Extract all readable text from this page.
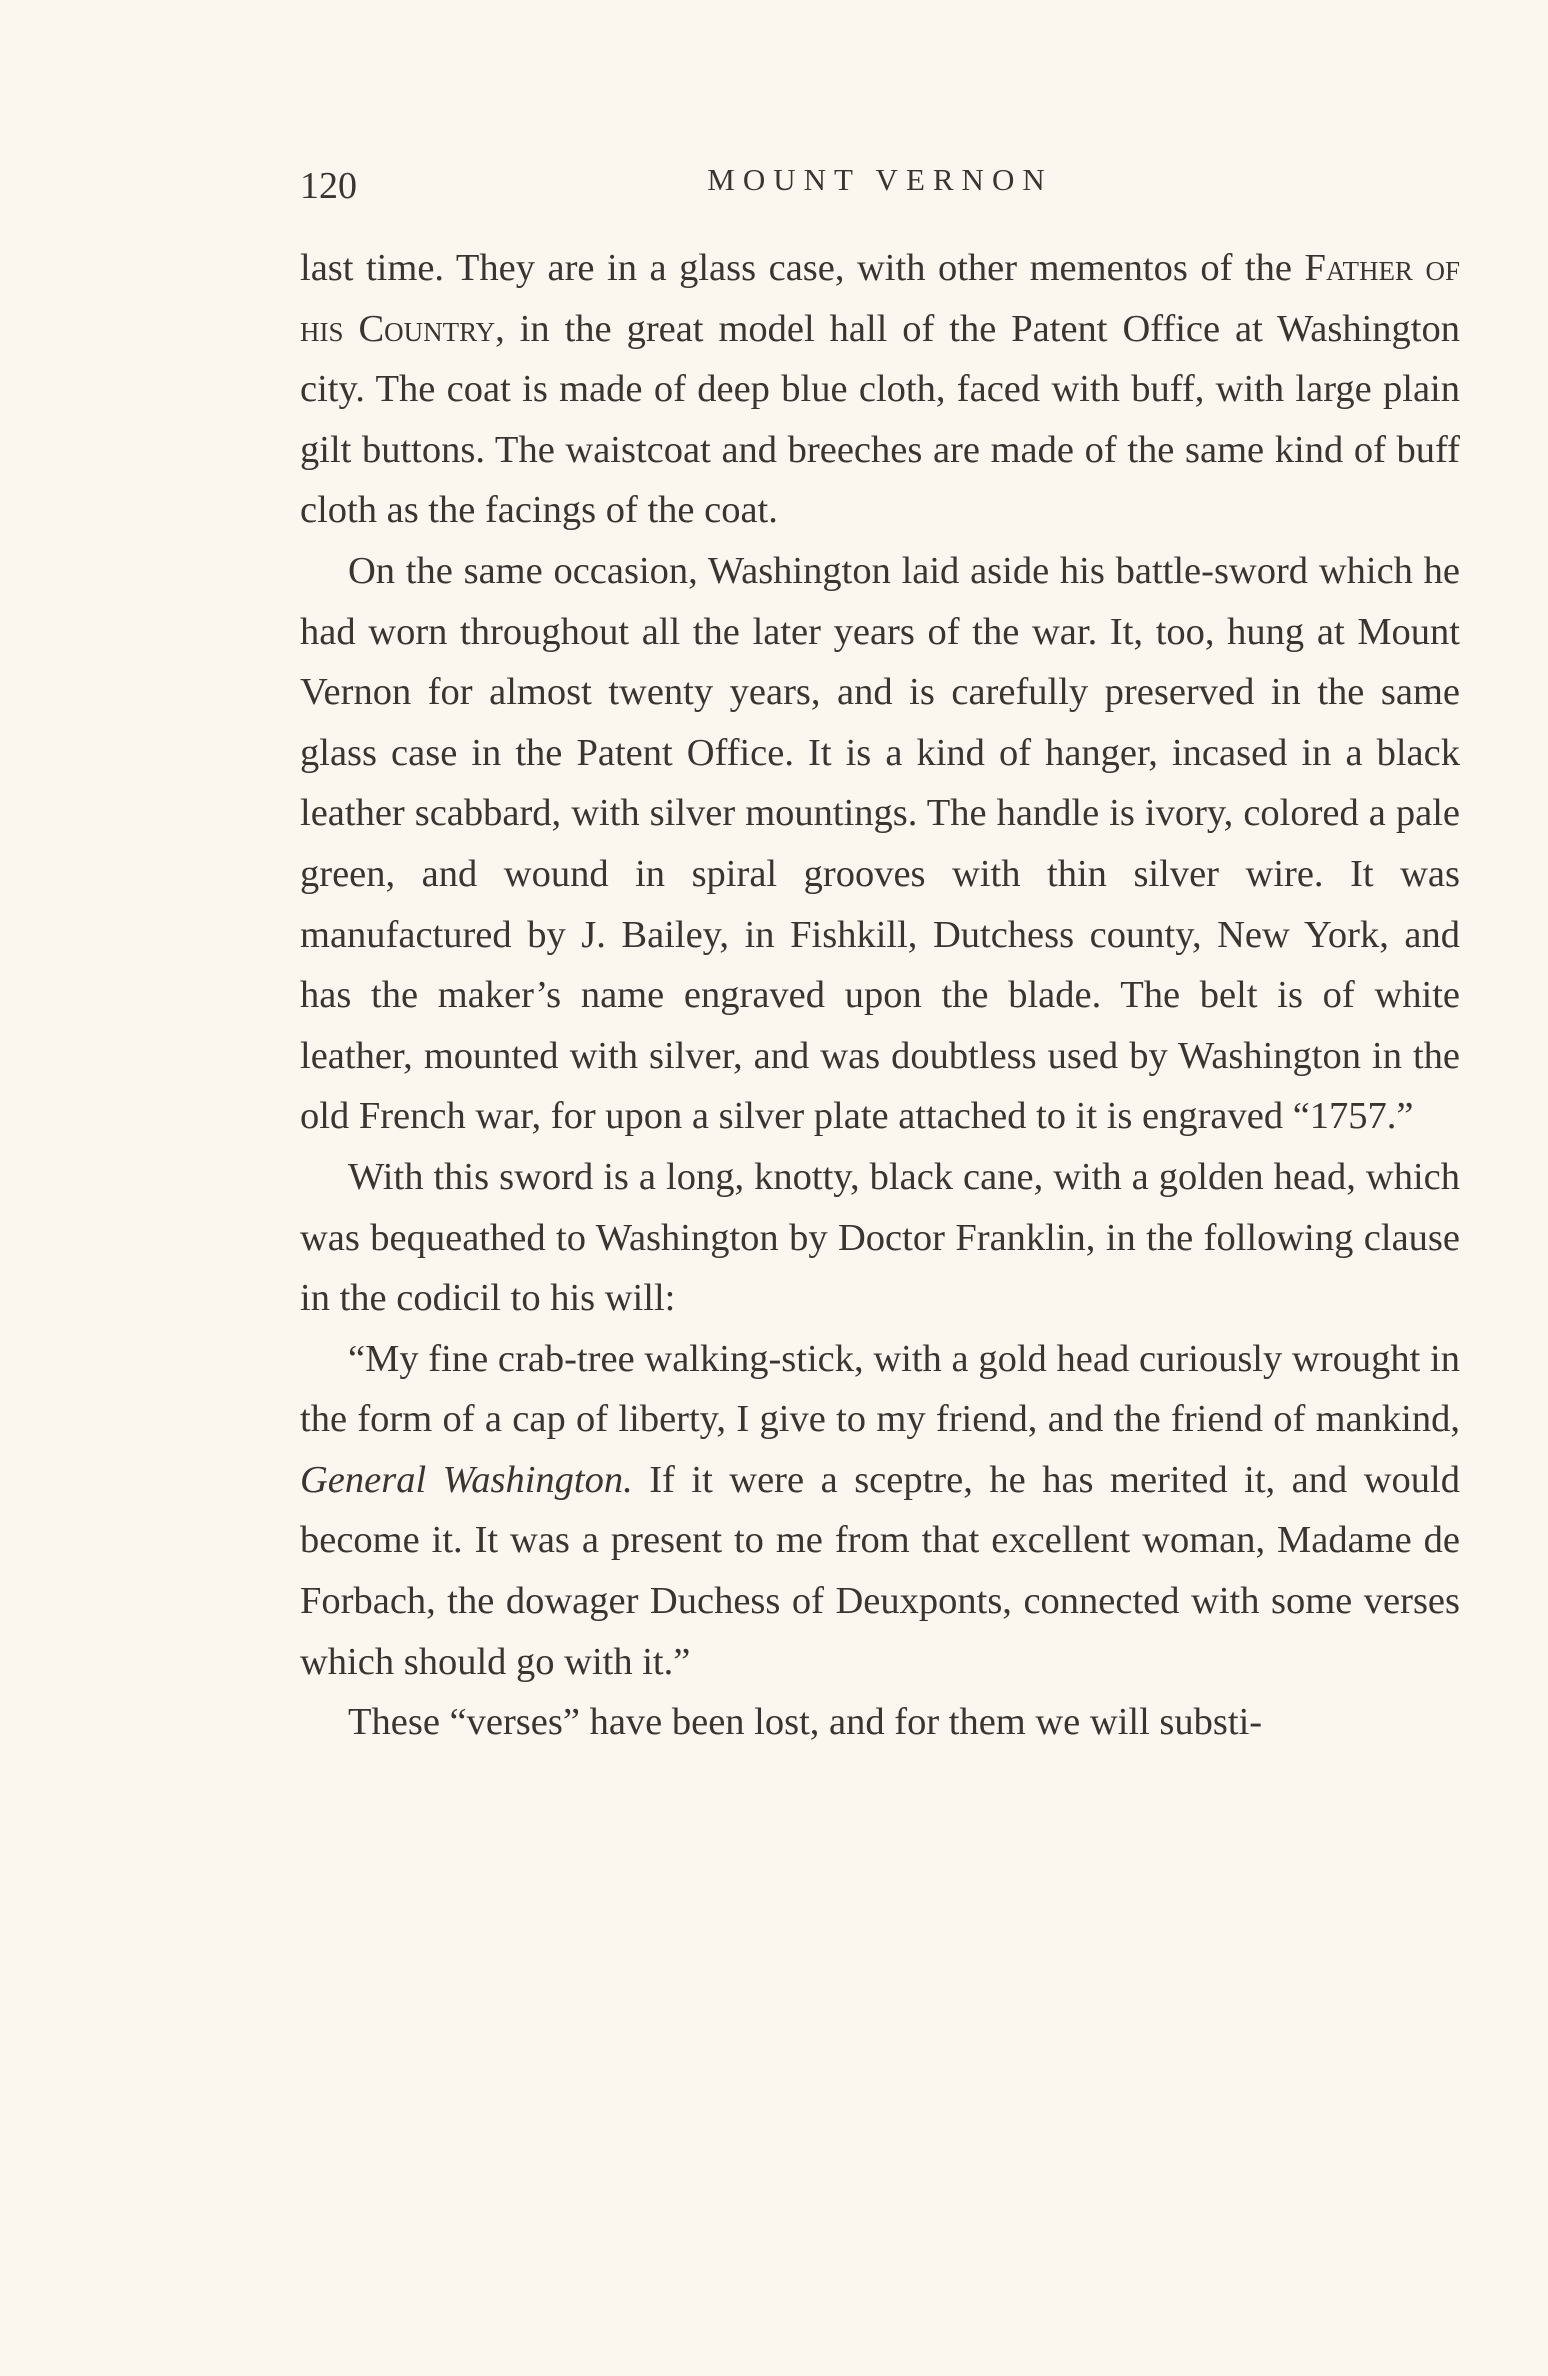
120	MOUNT VERNON

last time. They are in a glass case, with other mementos of the Father of his Country, in the great model hall of the Patent Office at Washington city. The coat is made of deep blue cloth, faced with buff, with large plain gilt buttons. The waistcoat and breeches are made of the same kind of buff cloth as the facings of the coat.

On the same occasion, Washington laid aside his battle-sword which he had worn throughout all the later years of the war. It, too, hung at Mount Vernon for almost twenty years, and is carefully preserved in the same glass case in the Patent Office. It is a kind of hanger, incased in a black leather scabbard, with silver mountings. The handle is ivory, colored a pale green, and wound in spiral grooves with thin silver wire. It was manufactured by J. Bailey, in Fishkill, Dutchess county, New York, and has the maker’s name engraved upon the blade. The belt is of white leather, mounted with silver, and was doubtless used by Washington in the old French war, for upon a silver plate attached to it is engraved “1757.”

With this sword is a long, knotty, black cane, with a golden head, which was bequeathed to Washington by Doctor Franklin, in the following clause in the codicil to his will:

“My fine crab-tree walking-stick, with a gold head curiously wrought in the form of a cap of liberty, I give to my friend, and the friend of mankind, General Washington. If it were a sceptre, he has merited it, and would become it. It was a present to me from that excellent woman, Madame de Forbach, the dowager Duchess of Deuxponts, connected with some verses which should go with it.”

These “verses” have been lost, and for them we will substi-
